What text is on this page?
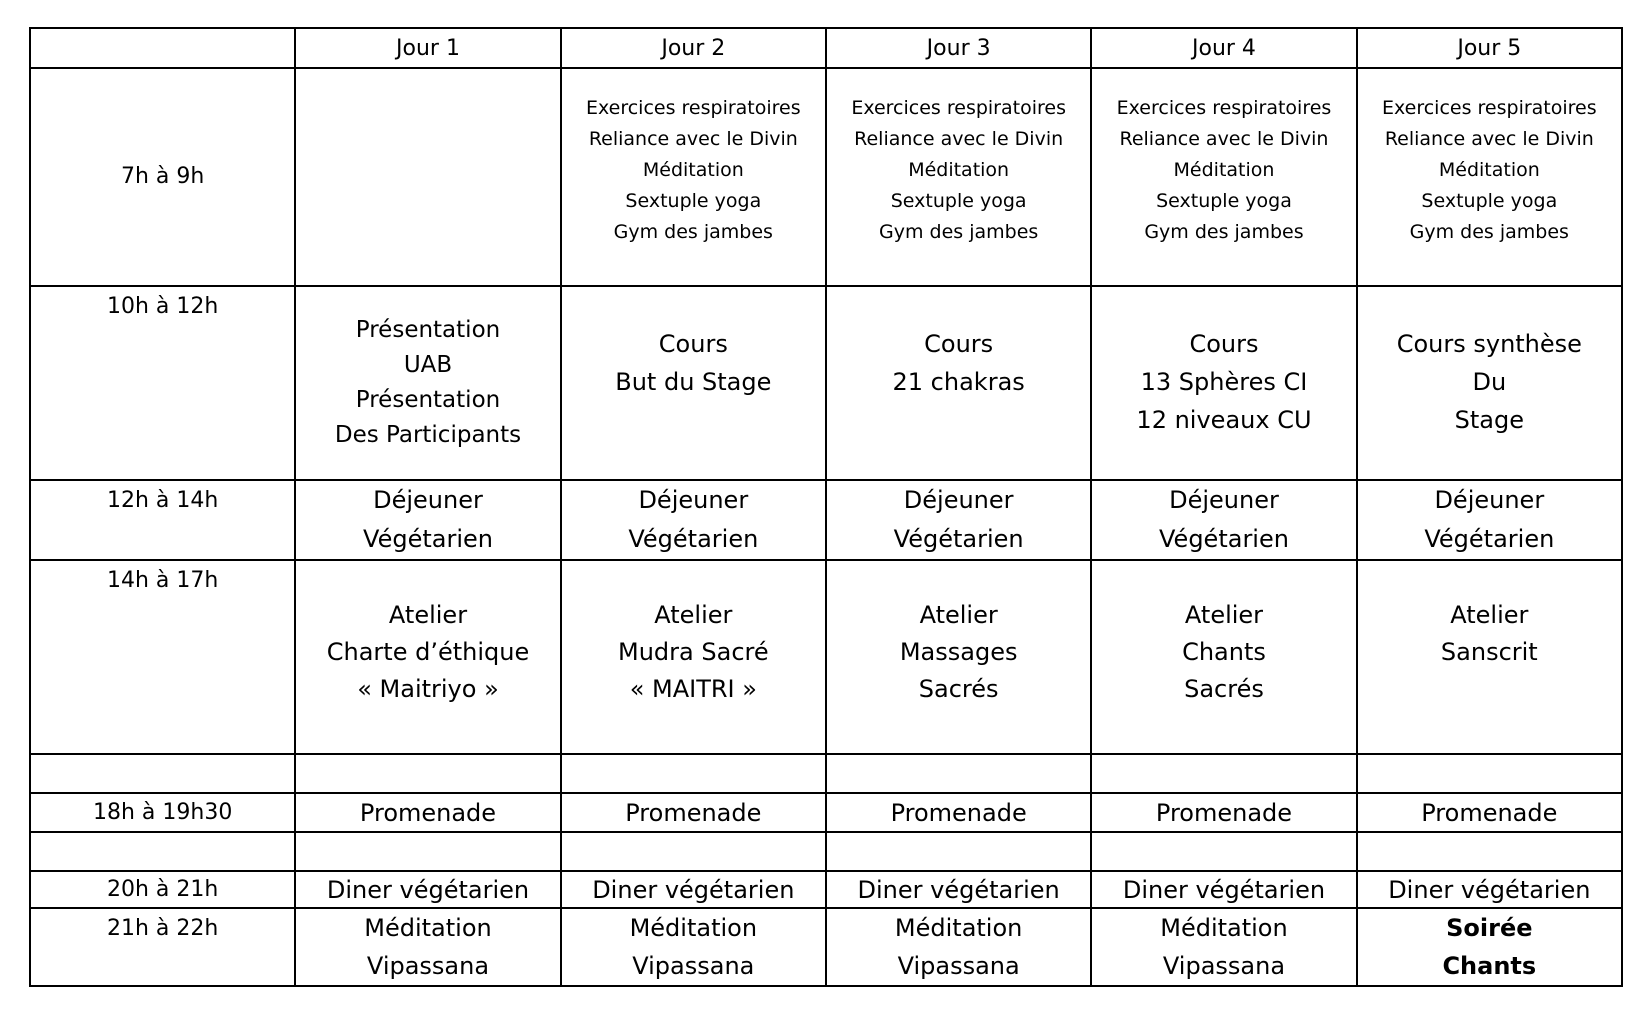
	Jour 1	Jour 2	Jour 3	Jour 4	Jour 5

7h à 9h		Exercices respiratoires
Reliance avec le Divin
Méditation
Sextuple yoga
Gym des jambes	Exercices respiratoires
Reliance avec le Divin
Méditation
Sextuple yoga
Gym des jambes	Exercices respiratoires
Reliance avec le Divin
Méditation
Sextuple yoga
Gym des jambes	Exercices respiratoires
Reliance avec le Divin
Méditation
Sextuple yoga
Gym des jambes

10h à 12h	Présentation
UAB
Présentation
Des Participants	Cours
But du Stage	Cours
21 chakras	Cours
13 Sphères CI
12 niveaux CU	Cours synthèse
Du
Stage

12h à 14h	Déjeuner
Végétarien	Déjeuner
Végétarien	Déjeuner
Végétarien	Déjeuner
Végétarien	Déjeuner
Végétarien

14h à 17h	Atelier
Charte d’éthique
« Maitriyo »	Atelier
Mudra Sacré
« MAITRI »	Atelier
Massages
Sacrés	Atelier
Chants
Sacrés	Atelier
Sanscrit

18h à 19h30	Promenade	Promenade	Promenade	Promenade	Promenade

20h à 21h	Diner végétarien	Diner végétarien	Diner végétarien	Diner végétarien	Diner végétarien

21h à 22h	Méditation
Vipassana	Méditation
Vipassana	Méditation
Vipassana	Méditation
Vipassana	Soirée
Chants
